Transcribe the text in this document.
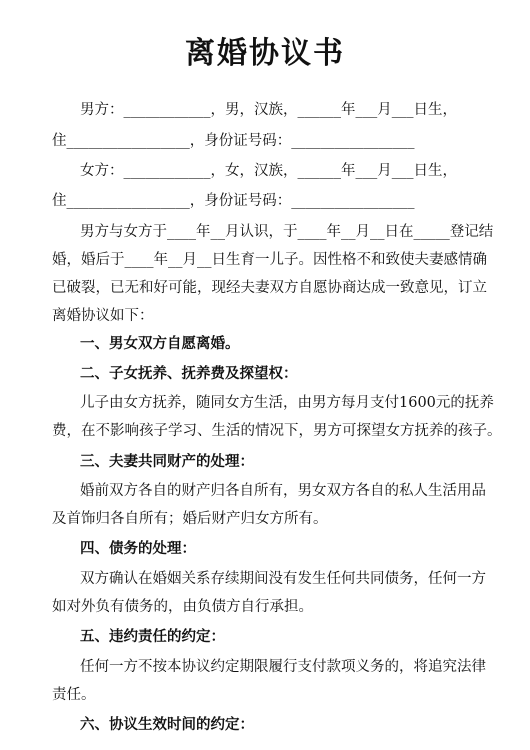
离婚协议书
男方：____________，男，汉族，______年___月___日生，
住_________________，身份证号码：_________________
女方：____________，女，汉族，______年___月___日生，
住_________________，身份证号码：_________________
男方与女方于____年__月认识，于____年__月__日在_____登记结
婚，婚后于____年__月__日生育一儿子。因性格不和致使夫妻感情确
已破裂，已无和好可能，现经夫妻双方自愿协商达成一致意见，订立
离婚协议如下：
一、男女双方自愿离婚。
二、子女抚养、抚养费及探望权：
儿子由女方抚养，随同女方生活，由男方每月支付1600元的抚养
费，在不影响孩子学习、生活的情况下，男方可探望女方抚养的孩子。
三、夫妻共同财产的处理：
婚前双方各自的财产归各自所有，男女双方各自的私人生活用品
及首饰归各自所有；婚后财产归女方所有。
四、债务的处理：
双方确认在婚姻关系存续期间没有发生任何共同债务，任何一方
如对外负有债务的，由负债方自行承担。
五、违约责任的约定：
任何一方不按本协议约定期限履行支付款项义务的，将追究法律
责任。
六、协议生效时间的约定：
